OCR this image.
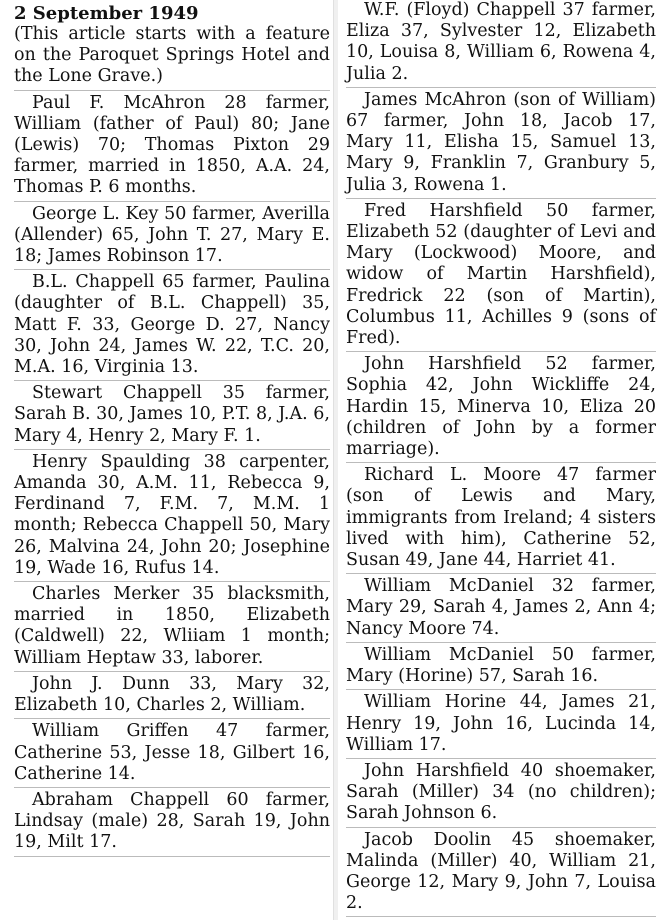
2 September 1949

(This article starts with a feature on the Paroquet Springs Hotel and the Lone Grave.)

Paul F. McAhron 28 farmer, William (father of Paul) 80; Jane (Lewis) 70; Thomas Pixton 29 farmer, married in 1850, A.A. 24, Thomas P. 6 months.

George L. Key 50 farmer, Averilla (Allender) 65, John T. 27, Mary E. 18; James Robinson 17.

B.L. Chappell 65 farmer, Paulina (daughter of B.L. Chappell) 35, Matt F. 33, George D. 27, Nancy 30, John 24, James W. 22, T.C. 20, M.A. 16, Virginia 13.

Stewart Chappell 35 farmer, Sarah B. 30, James 10, P.T. 8, J.A. 6, Mary 4, Henry 2, Mary F. 1.

Henry Spaulding 38 carpenter, Amanda 30, A.M. 11, Rebecca 9, Ferdinand 7, F.M. 7, M.M. 1 month; Rebecca Chappell 50, Mary 26, Malvina 24, John 20; Josephine 19, Wade 16, Rufus 14.

Charles Merker 35 blacksmith, married in 1850, Elizabeth (Caldwell) 22, Wliiam 1 month; William Heptaw 33, laborer.

John J. Dunn 33, Mary 32, Elizabeth 10, Charles 2, William.

William Griffen 47 farmer, Catherine 53, Jesse 18, Gilbert 16, Catherine 14.

Abraham Chappell 60 farmer, Lindsay (male) 28, Sarah 19, John 19, Milt 17.

W.F. (Floyd) Chappell 37 farmer, Eliza 37, Sylvester 12, Elizabeth 10, Louisa 8, William 6, Rowena 4, Julia 2.

James McAhron (son of William) 67 farmer, John 18, Jacob 17, Mary 11, Elisha 15, Samuel 13, Mary 9, Franklin 7, Granbury 5, Julia 3, Rowena 1.

Fred Harshfield 50 farmer, Elizabeth 52 (daughter of Levi and Mary (Lockwood) Moore, and widow of Martin Harshfield), Fredrick 22 (son of Martin), Columbus 11, Achilles 9 (sons of Fred).

John Harshfield 52 farmer, Sophia 42, John Wickliffe 24, Hardin 15, Minerva 10, Eliza 20 (children of John by a former marriage).

Richard L. Moore 47 farmer (son of Lewis and Mary, immigrants from Ireland; 4 sisters lived with him), Catherine 52, Susan 49, Jane 44, Harriet 41.

William McDaniel 32 farmer, Mary 29, Sarah 4, James 2, Ann 4; Nancy Moore 74.

William McDaniel 50 farmer, Mary (Horine) 57, Sarah 16.

William Horine 44, James 21, Henry 19, John 16, Lucinda 14, William 17.

John Harshfield 40 shoemaker, Sarah (Miller) 34 (no children); Sarah Johnson 6.

Jacob Doolin 45 shoemaker, Malinda (Miller) 40, William 21, George 12, Mary 9, John 7, Louisa 2.
